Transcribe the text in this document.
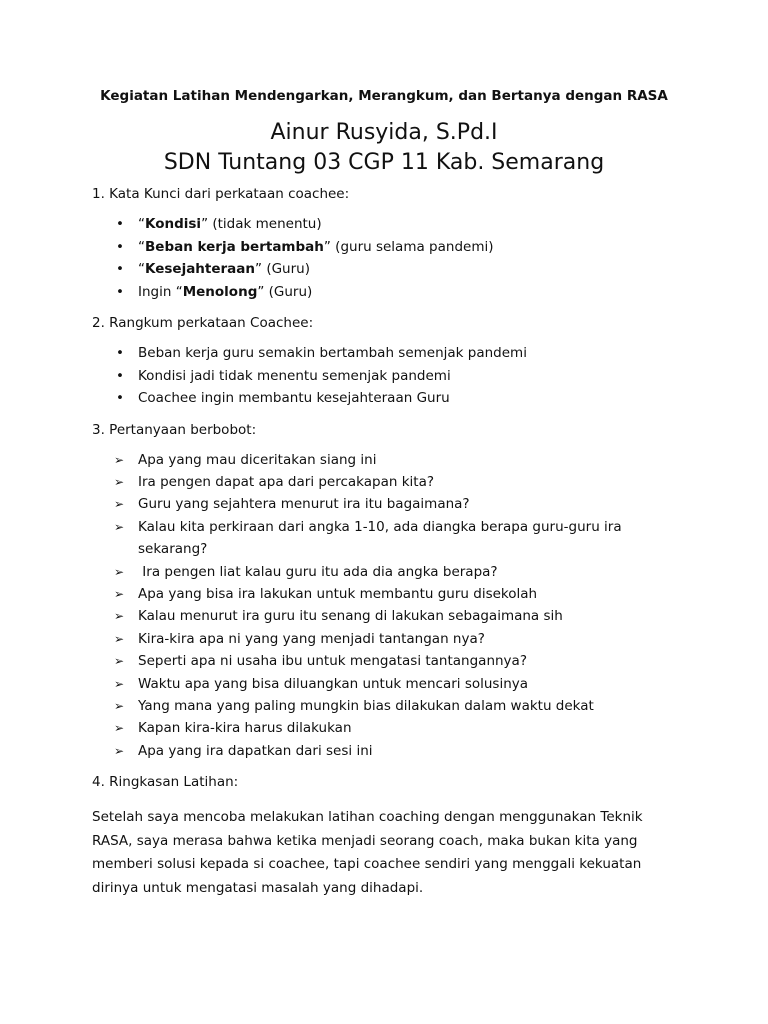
Kegiatan Latihan Mendengarkan, Merangkum, dan Bertanya dengan RASA
Ainur Rusyida, S.Pd.I
SDN Tuntang 03 CGP 11 Kab. Semarang

1. Kata Kunci dari perkataan coachee:

• “Kondisi” (tidak menentu)
• “Beban kerja bertambah” (guru selama pandemi)
• “Kesejahteraan” (Guru)
• Ingin “Menolong” (Guru)

2. Rangkum perkataan Coachee:

• Beban kerja guru semakin bertambah semenjak pandemi
• Kondisi jadi tidak menentu semenjak pandemi
• Coachee ingin membantu kesejahteraan Guru

3. Pertanyaan berbobot:

➢ Apa yang mau diceritakan siang ini
➢ Ira pengen dapat apa dari percakapan kita?
➢ Guru yang sejahtera menurut ira itu bagaimana?
➢ Kalau kita perkiraan dari angka 1-10, ada diangka berapa guru-guru ira sekarang?
➢ Ira pengen liat kalau guru itu ada dia angka berapa?
➢ Apa yang bisa ira lakukan untuk membantu guru disekolah
➢ Kalau menurut ira guru itu senang di lakukan sebagaimana sih
➢ Kira-kira apa ni yang yang menjadi tantangan nya?
➢ Seperti apa ni usaha ibu untuk mengatasi tantangannya?
➢ Waktu apa yang bisa diluangkan untuk mencari solusinya
➢ Yang mana yang paling mungkin bias dilakukan dalam waktu dekat
➢ Kapan kira-kira harus dilakukan
➢ Apa yang ira dapatkan dari sesi ini

4. Ringkasan Latihan:

Setelah saya mencoba melakukan latihan coaching dengan menggunakan Teknik RASA, saya merasa bahwa ketika menjadi seorang coach, maka bukan kita yang memberi solusi kepada si coachee, tapi coachee sendiri yang menggali kekuatan dirinya untuk mengatasi masalah yang dihadapi.
